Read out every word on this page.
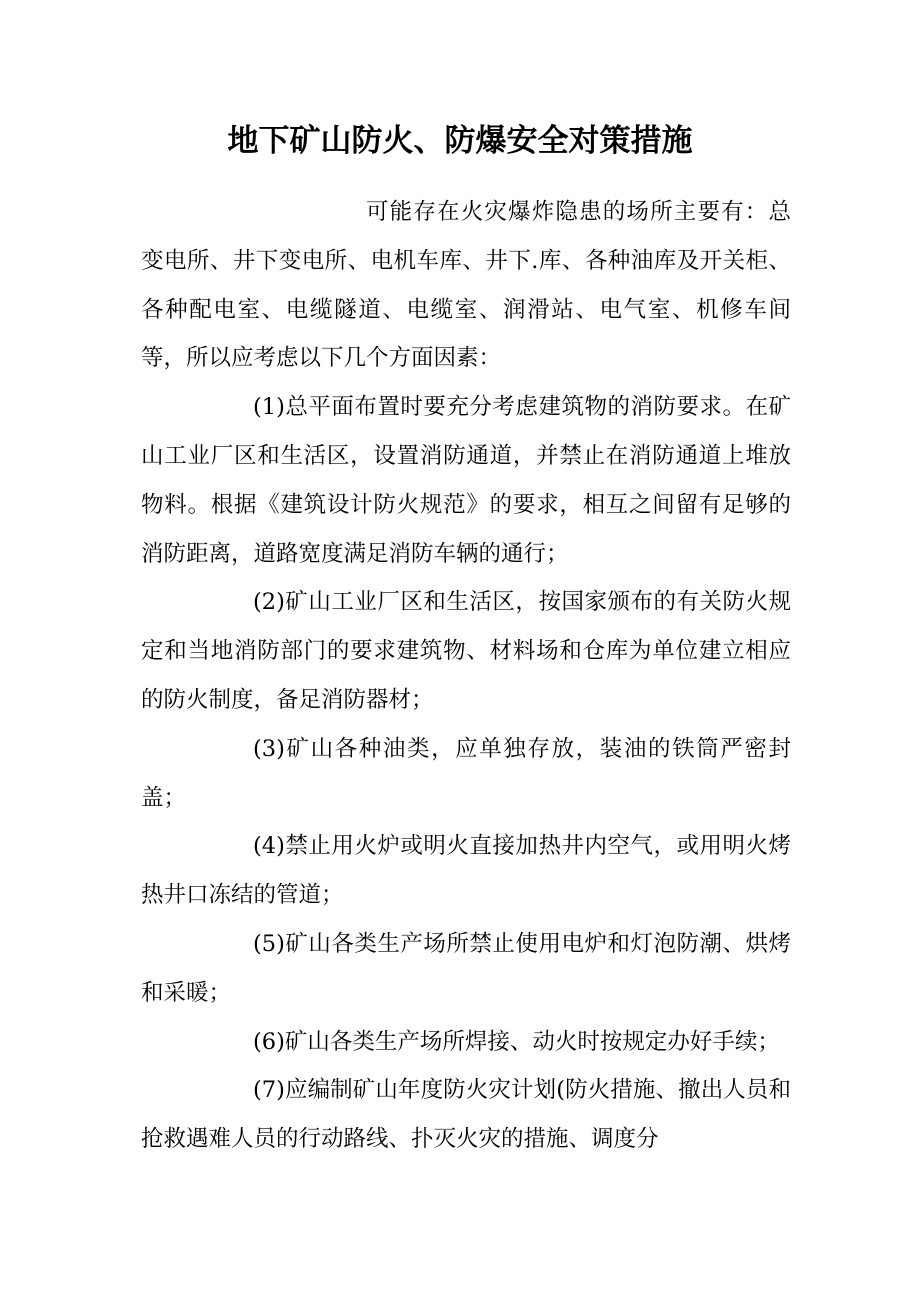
地下矿山防火、防爆安全对策措施

可能存在火灾爆炸隐患的场所主要有：总变电所、井下变电所、电机车库、井下.库、各种油库及开关柜、各种配电室、电缆隧道、电缆室、润滑站、电气室、机修车间等，所以应考虑以下几个方面因素：

(1)总平面布置时要充分考虑建筑物的消防要求。在矿山工业厂区和生活区，设置消防通道，并禁止在消防通道上堆放物料。根据《建筑设计防火规范》的要求，相互之间留有足够的消防距离，道路宽度满足消防车辆的通行；

(2)矿山工业厂区和生活区，按国家颁布的有关防火规定和当地消防部门的要求建筑物、材料场和仓库为单位建立相应的防火制度，备足消防器材；

(3)矿山各种油类，应单独存放，装油的铁筒严密封盖；

(4)禁止用火炉或明火直接加热井内空气，或用明火烤热井口冻结的管道；

(5)矿山各类生产场所禁止使用电炉和灯泡防潮、烘烤和采暖；

(6)矿山各类生产场所焊接、动火时按规定办好手续；

(7)应编制矿山年度防火灾计划(防火措施、撤出人员和抢救遇难人员的行动路线、扑灭火灾的措施、调度分
